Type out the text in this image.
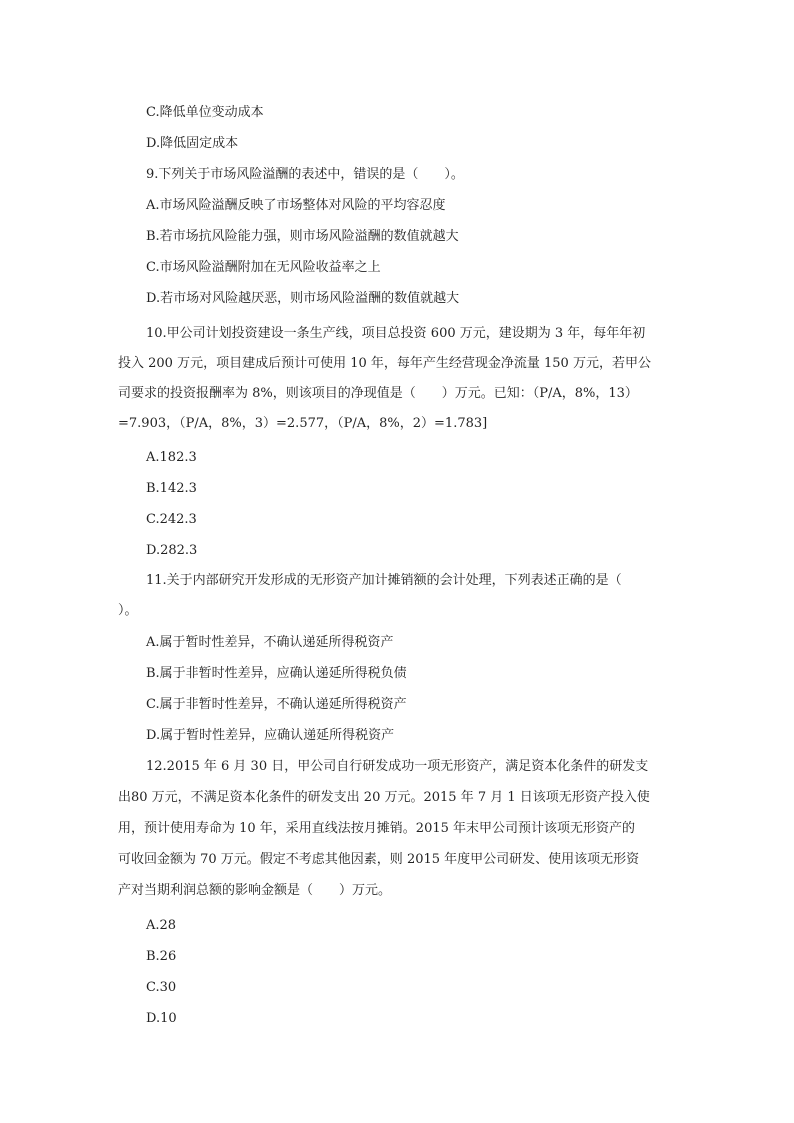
C.降低单位变动成本
D.降低固定成本
9.下列关于市场风险溢酬的表述中，错误的是（　　）。
A.市场风险溢酬反映了市场整体对风险的平均容忍度
B.若市场抗风险能力强，则市场风险溢酬的数值就越大
C.市场风险溢酬附加在无风险收益率之上
D.若市场对风险越厌恶，则市场风险溢酬的数值就越大
10.甲公司计划投资建设一条生产线，项目总投资 600 万元，建设期为 3 年，每年年初
投入 200 万元，项目建成后预计可使用 10 年，每年产生经营现金净流量 150 万元，若甲公
司要求的投资报酬率为 8%，则该项目的净现值是（　　）万元。已知：（P/A，8%，13）
=7.903，（P/A，8%，3）=2.577，（P/A，8%，2）=1.783]
A.182.3
B.142.3
C.242.3
D.282.3
11.关于内部研究开发形成的无形资产加计摊销额的会计处理，下列表述正确的是（
）。
A.属于暂时性差异，不确认递延所得税资产
B.属于非暂时性差异，应确认递延所得税负债
C.属于非暂时性差异，不确认递延所得税资产
D.属于暂时性差异，应确认递延所得税资产
12.2015 年 6 月 30 日，甲公司自行研发成功一项无形资产，满足资本化条件的研发支
出80 万元，不满足资本化条件的研发支出 20 万元。2015 年 7 月 1 日该项无形资产投入使
用，预计使用寿命为 10 年，采用直线法按月摊销。2015 年末甲公司预计该项无形资产的
可收回金额为 70 万元。假定不考虑其他因素，则 2015 年度甲公司研发、使用该项无形资
产对当期利润总额的影响金额是（　　）万元。
A.28
B.26
C.30
D.10
